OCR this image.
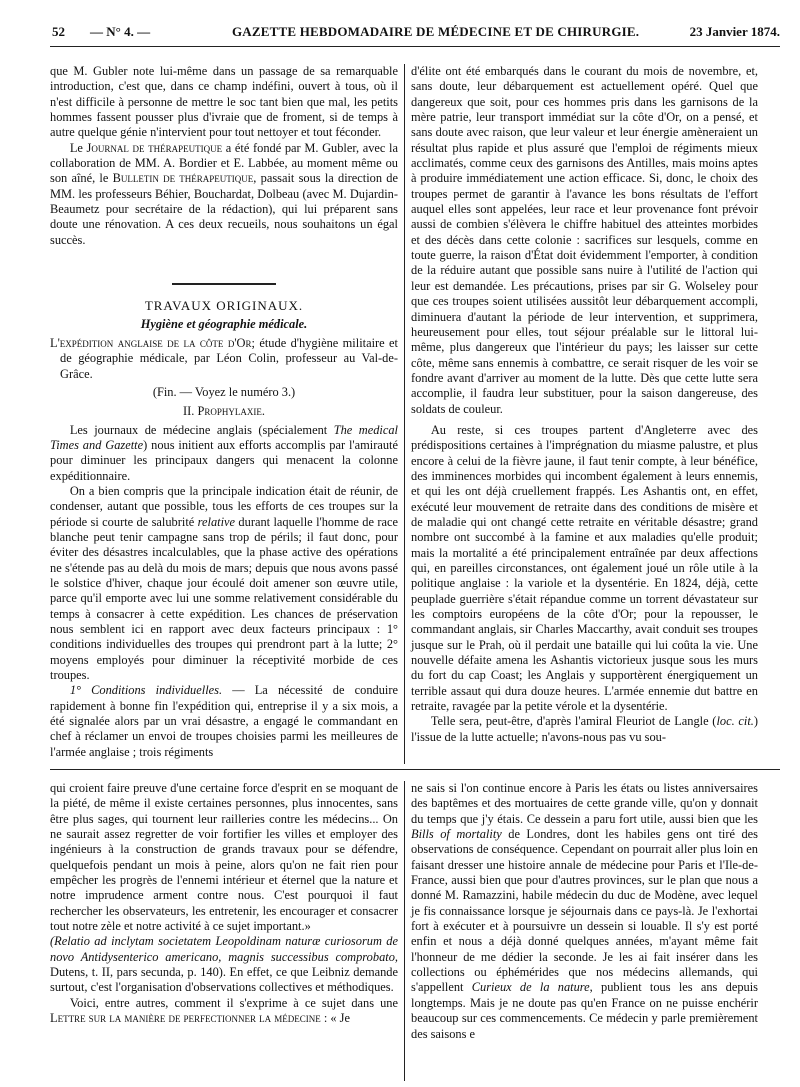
52 — N° 4. —	GAZETTE HEBDOMADAIRE DE MÉDECINE ET DE CHIRURGIE.	23 Janvier 1874.

que M. Gubler note lui-même dans un passage de sa remarquable introduction, c'est que, dans ce champ indéfini, ouvert à tous, où il n'est difficile à personne de mettre le soc tant bien que mal, les petits hommes fassent pousser plus d'ivraie que de froment, si de temps à autre quelque génie n'intervient pour tout nettoyer et tout féconder.

Le Journal de thérapeutique a été fondé par M. Gubler, avec la collaboration de MM. A. Bordier et E. Labbée, au moment même ou son aîné, le Bulletin de thérapeutique, passait sous la direction de MM. les professeurs Béhier, Bouchardat, Dolbeau (avec M. Dujardin-Beaumetz pour secrétaire de la rédaction), qui lui préparent sans doute une rénovation. A ces deux recueils, nous souhaitons un égal succès.

TRAVAUX ORIGINAUX.

Hygiène et géographie médicale.

L'expédition anglaise de la côte d'Or; étude d'hygiène militaire et de géographie médicale, par Léon Colin, professeur au Val-de-Grâce.

(Fin. — Voyez le numéro 3.)

II. Prophylaxie.

Les journaux de médecine anglais (spécialement The medical Times and Gazette) nous initient aux efforts accomplis par l'amirauté pour diminuer les principaux dangers qui menacent la colonne expéditionnaire.

On a bien compris que la principale indication était de réunir, de condenser, autant que possible, tous les efforts de ces troupes sur la période si courte de salubrité relative durant laquelle l'homme de race blanche peut tenir campagne sans trop de périls; il faut donc, pour éviter des désastres incalculables, que la phase active des opérations ne s'étende pas au delà du mois de mars; depuis que nous avons passé le solstice d'hiver, chaque jour écoulé doit amener son œuvre utile, parce qu'il emporte avec lui une somme relativement considérable du temps à consacrer à cette expédition. Les chances de préservation nous semblent ici en rapport avec deux facteurs principaux : 1° conditions individuelles des troupes qui prendront part à la lutte; 2° moyens employés pour diminuer la réceptivité morbide de ces troupes.

1° Conditions individuelles. — La nécessité de conduire rapidement à bonne fin l'expédition qui, entreprise il y a six mois, a été signalée alors par un vrai désastre, a engagé le commandant en chef à réclamer un envoi de troupes choisies parmi les meilleures de l'armée anglaise ; trois régiments

d'élite ont été embarqués dans le courant du mois de novembre, et, sans doute, leur débarquement est actuellement opéré. Quel que dangereux que soit, pour ces hommes pris dans les garnisons de la mère patrie, leur transport immédiat sur la côte d'Or, on a pensé, et sans doute avec raison, que leur valeur et leur énergie amèneraient un résultat plus rapide et plus assuré que l'emploi de régiments mieux acclimatés, comme ceux des garnisons des Antilles, mais moins aptes à produire immédiatement une action efficace. Si, donc, le choix des troupes permet de garantir à l'avance les bons résultats de l'effort auquel elles sont appelées, leur race et leur provenance font prévoir aussi de combien s'élèvera le chiffre habituel des atteintes morbides et des décès dans cette colonie : sacrifices sur lesquels, comme en toute guerre, la raison d'État doit évidemment l'emporter, à condition de la réduire autant que possible sans nuire à l'utilité de l'action qui leur est demandée. Les précautions, prises par sir G. Wolseley pour que ces troupes soient utilisées aussitôt leur débarquement accompli, diminuera d'autant la période de leur intervention, et supprimera, heureusement pour elles, tout séjour préalable sur le littoral lui-même, plus dangereux que l'intérieur du pays; les laisser sur cette côte, même sans ennemis à combattre, ce serait risquer de les voir se fondre avant d'arriver au moment de la lutte. Dès que cette lutte sera accomplie, il faudra leur substituer, pour la saison dangereuse, des soldats de couleur.

Au reste, si ces troupes partent d'Angleterre avec des prédispositions certaines à l'imprégnation du miasme palustre, et plus encore à celui de la fièvre jaune, il faut tenir compte, à leur bénéfice, des imminences morbides qui incombent également à leurs ennemis, et qui les ont déjà cruellement frappés. Les Ashantis ont, en effet, exécuté leur mouvement de retraite dans des conditions de misère et de maladie qui ont changé cette retraite en véritable désastre; grand nombre ont succombé à la famine et aux maladies qu'elle produit; mais la mortalité a été principalement entraînée par deux affections qui, en pareilles circonstances, ont également joué un rôle utile à la politique anglaise : la variole et la dysentérie. En 1824, déjà, cette peuplade guerrière s'était répandue comme un torrent dévastateur sur les comptoirs européens de la côte d'Or; pour la repousser, le commandant anglais, sir Charles Maccarthy, avait conduit ses troupes jusque sur le Prah, où il perdait une bataille qui lui coûta la vie. Une nouvelle défaite amena les Ashantis victorieux jusque sous les murs du fort du cap Coast; les Anglais y supportèrent énergiquement un terrible assaut qui dura douze heures. L'armée ennemie dut battre en retraite, ravagée par la petite vérole et la dysentérie.

Telle sera, peut-être, d'après l'amiral Fleuriot de Langle (loc. cit.) l'issue de la lutte actuelle; n'avons-nous pas vu sou-

qui croient faire preuve d'une certaine force d'esprit en se moquant de la piété, de même il existe certaines personnes, plus innocentes, sans être plus sages, qui tournent leur railleries contre les médecins... On ne saurait assez regretter de voir fortifier les villes et employer des ingénieurs à la construction de grands travaux pour se défendre, quelquefois pendant un mois à peine, alors qu'on ne fait rien pour empêcher les progrès de l'ennemi intérieur et éternel que la nature et notre imprudence arment contre nous. C'est pourquoi il faut rechercher les observateurs, les entretenir, les encourager et consacrer tout notre zèle et notre activité à ce sujet important.»

(Relatio ad inclytam societatem Leopoldinam naturæ curiosorum de novo Antidysenterico americano, magnis successibus comprobato, Dutens, t. II, pars secunda, p. 140). En effet, ce que Leibniz demande surtout, c'est l'organisation d'observations collectives et méthodiques.

Voici, entre autres, comment il s'exprime à ce sujet dans une Lettre sur la manière de perfectionner la médecine : « Je

ne sais si l'on continue encore à Paris les états ou listes anniversaires des baptêmes et des mortuaires de cette grande ville, qu'on y donnait du temps que j'y étais. Ce dessein a paru fort utile, aussi bien que les Bills of mortality de Londres, dont les habiles gens ont tiré des observations de conséquence. Cependant on pourrait aller plus loin en faisant dresser une histoire annale de médecine pour Paris et l'Ile-de-France, aussi bien que pour d'autres provinces, sur le plan que nous a donné M. Ramazzini, habile médecin du duc de Modène, avec lequel je fis connaissance lorsque je séjournais dans ce pays-là. Je l'exhortai fort à exécuter et à poursuivre un dessein si louable. Il s'y est porté enfin et nous a déjà donné quelques années, m'ayant même fait l'honneur de me dédier la seconde. Je les ai fait insérer dans les collections ou éphémérides que nos médecins allemands, qui s'appellent Curieux de la nature, publient tous les ans depuis longtemps. Mais je ne doute pas qu'en France on ne puisse enchérir beaucoup sur ces commencements. Ce médecin y parle premièrement des saisons e
